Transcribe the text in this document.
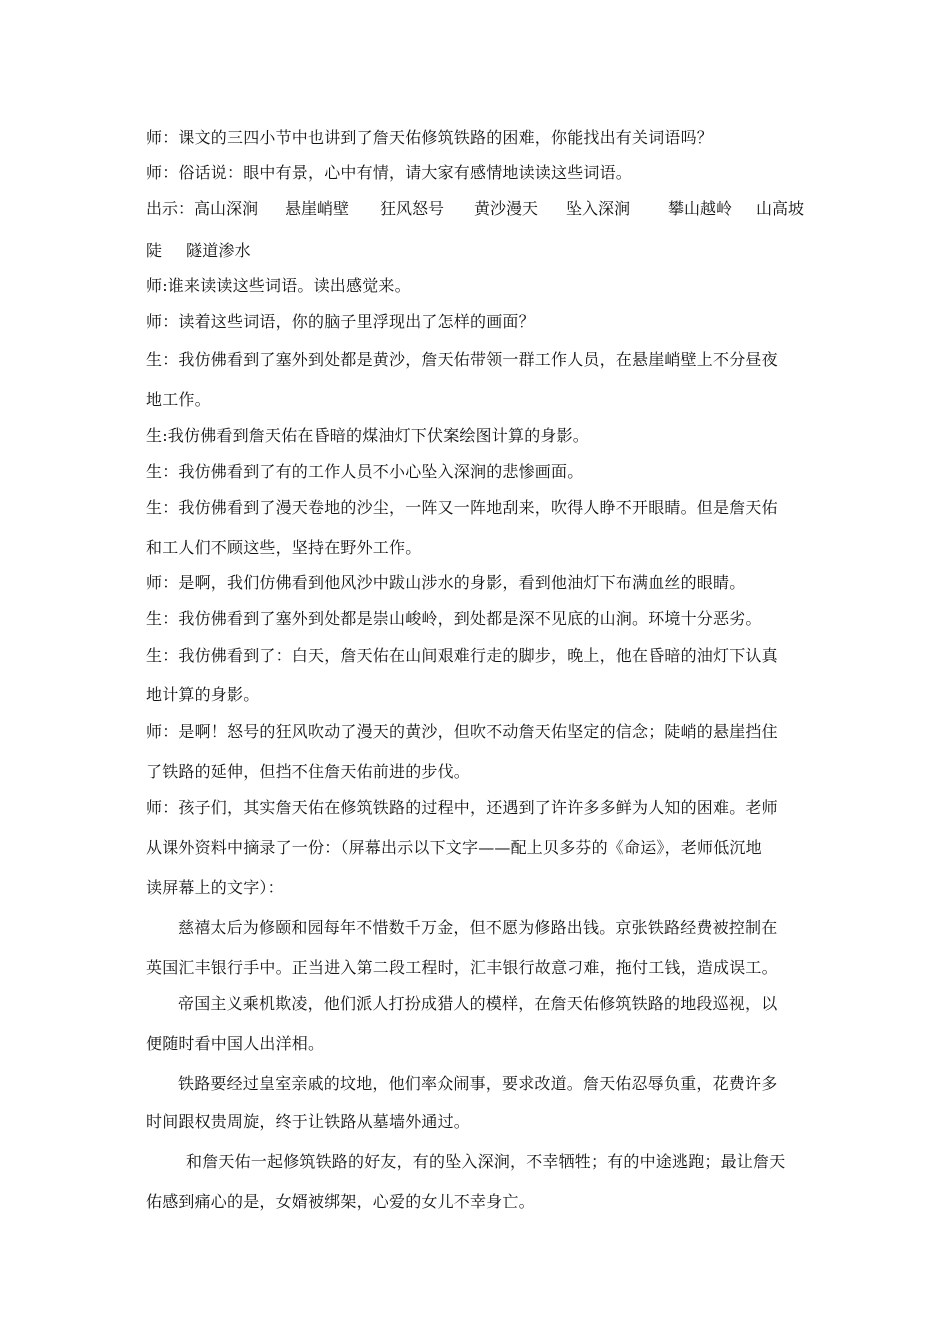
师：课文的三四小节中也讲到了詹天佑修筑铁路的困难，你能找出有关词语吗？
师：俗话说：眼中有景，心中有情，请大家有感情地读读这些词语。
出示：高山深涧 悬崖峭壁 狂风怒号 黄沙漫天 坠入深涧 攀山越岭 山高坡
陡 隧道渗水
师:谁来读读这些词语。读出感觉来。
师：读着这些词语，你的脑子里浮现出了怎样的画面？
生：我仿佛看到了塞外到处都是黄沙，詹天佑带领一群工作人员，在悬崖峭壁上不分昼夜
地工作。
生:我仿佛看到詹天佑在昏暗的煤油灯下伏案绘图计算的身影。
生：我仿佛看到了有的工作人员不小心坠入深涧的悲惨画面。
生：我仿佛看到了漫天卷地的沙尘，一阵又一阵地刮来，吹得人睁不开眼睛。但是詹天佑
和工人们不顾这些，坚持在野外工作。
师：是啊，我们仿佛看到他风沙中跋山涉水的身影，看到他油灯下布满血丝的眼睛。
生：我仿佛看到了塞外到处都是崇山峻岭，到处都是深不见底的山涧。环境十分恶劣。
生：我仿佛看到了：白天，詹天佑在山间艰难行走的脚步，晚上，他在昏暗的油灯下认真
地计算的身影。
师：是啊！怒号的狂风吹动了漫天的黄沙，但吹不动詹天佑坚定的信念；陡峭的悬崖挡住
了铁路的延伸，但挡不住詹天佑前进的步伐。
师：孩子们，其实詹天佑在修筑铁路的过程中，还遇到了许许多多鲜为人知的困难。老师
从课外资料中摘录了一份：（屏幕出示以下文字——配上贝多芬的《命运》，老师低沉地
读屏幕上的文字）：
慈禧太后为修颐和园每年不惜数千万金，但不愿为修路出钱。京张铁路经费被控制在
英国汇丰银行手中。正当进入第二段工程时，汇丰银行故意刁难，拖付工钱，造成误工。
帝国主义乘机欺凌，他们派人打扮成猎人的模样，在詹天佑修筑铁路的地段巡视，以
便随时看中国人出洋相。
铁路要经过皇室亲戚的坟地，他们率众闹事，要求改道。詹天佑忍辱负重，花费许多
时间跟权贵周旋，终于让铁路从墓墙外通过。
和詹天佑一起修筑铁路的好友，有的坠入深涧，不幸牺牲；有的中途逃跑；最让詹天
佑感到痛心的是，女婿被绑架，心爱的女儿不幸身亡。
